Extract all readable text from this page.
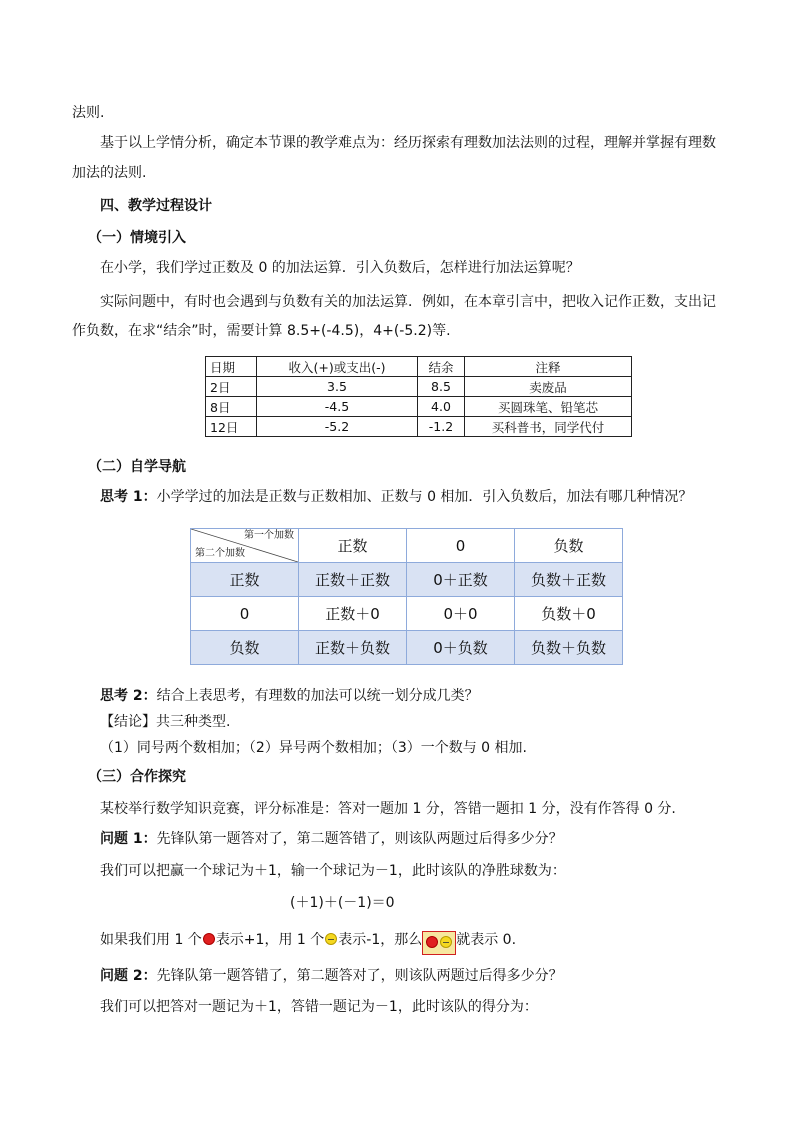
法则.
基于以上学情分析，确定本节课的教学难点为：经历探索有理数加法法则的过程，理解并掌握有理数
加法的法则.
四、教学过程设计
（一）情境引入
在小学，我们学过正数及 0 的加法运算．引入负数后，怎样进行加法运算呢？
实际问题中，有时也会遇到与负数有关的加法运算．例如，在本章引言中，把收入记作正数，支出记
作负数，在求“结余”时，需要计算 8.5+(-4.5)，4+(-5.2)等.
日期	收入(+)或支出(-)	结余	注释
2日	3.5	8.5	卖废品
8日	-4.5	4.0	买圆珠笔、铅笔芯
12日	-5.2	-1.2	买科普书，同学代付
（二）自学导航
思考 1：小学学过的加法是正数与正数相加、正数与 0 相加．引入负数后，加法有哪几种情况？
第一个加数
第二个加数	正数	0	负数
正数	正数＋正数	0＋正数	负数＋正数
0	正数＋0	0＋0	负数＋0
负数	正数＋负数	0＋负数	负数＋负数
思考 2：结合上表思考，有理数的加法可以统一划分成几类？
【结论】共三种类型.
（1）同号两个数相加；（2）异号两个数相加；（3）一个数与 0 相加.
（三）合作探究
某校举行数学知识竞赛，评分标准是：答对一题加 1 分，答错一题扣 1 分，没有作答得 0 分.
问题 1：先锋队第一题答对了，第二题答错了，则该队两题过后得多少分？
我们可以把赢一个球记为＋1，输一个球记为－1，此时该队的净胜球数为：
(＋1)＋(－1)＝0
如果我们用 1 个 表示+1，用 1 个 表示-1，那么 就表示 0.
问题 2：先锋队第一题答错了，第二题答对了，则该队两题过后得多少分？
我们可以把答对一题记为＋1，答错一题记为－1，此时该队的得分为：
